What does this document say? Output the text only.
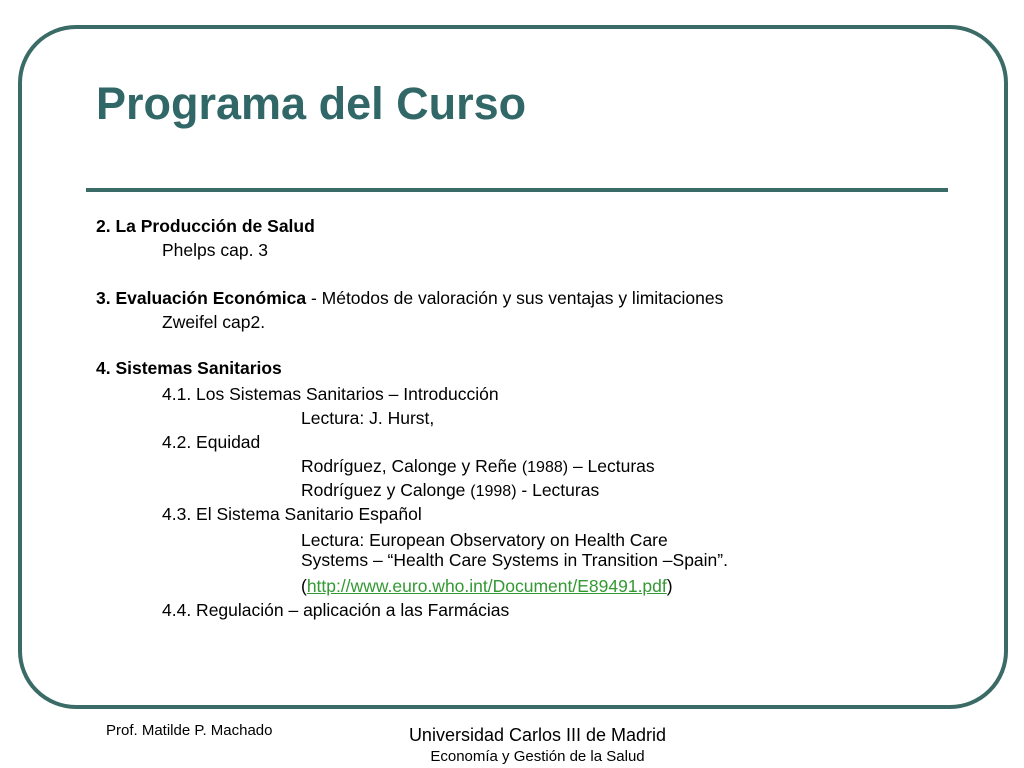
Programa del Curso
2. La Producción de Salud
Phelps cap. 3
3. Evaluación Económica - Métodos de valoración y sus ventajas y limitaciones
Zweifel cap2.
4. Sistemas Sanitarios
4.1. Los Sistemas Sanitarios – Introducción
Lectura: J. Hurst,
4.2. Equidad
Rodríguez, Calonge y Reñe (1988) – Lecturas
Rodríguez y Calonge (1998) - Lecturas
4.3. El Sistema Sanitario Español
Lectura: European Observatory on Health Care
Systems – “Health Care Systems in Transition –Spain”.
(http://www.euro.who.int/Document/E89491.pdf)
4.4. Regulación – aplicación a las Farmácias
Prof. Matilde P. Machado	Universidad Carlos III de Madrid
Economía y Gestión de la Salud
